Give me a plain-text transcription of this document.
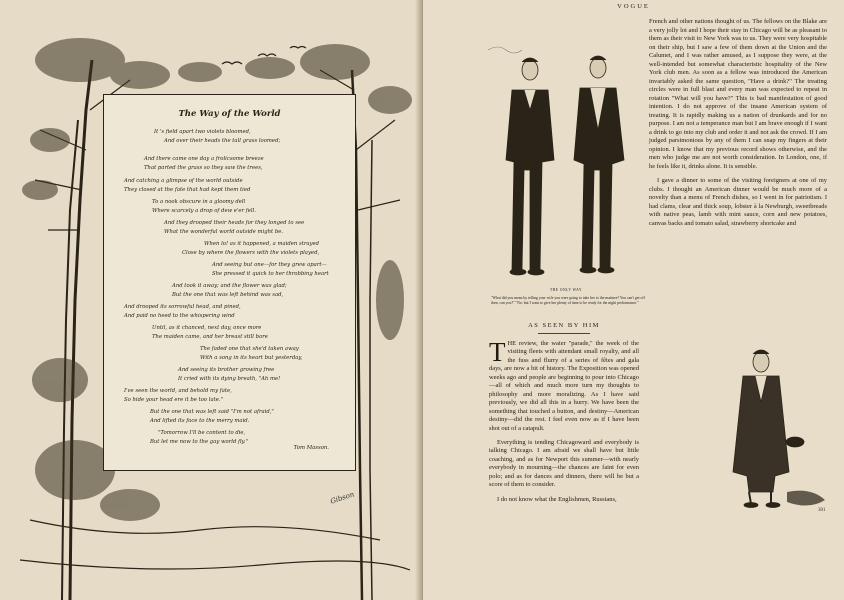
The Way of the World
It 's field apart two violets bloomed,
And over their heads the tall grass loomed;
And there came one day a frolicsome breeze
That parted the grass so they saw the trees,
And catching a glimpse of the world outside
They closed at the fate that had kept them tied
To a nook obscure in a gloomy dell
Where scarcely a drop of dew e'er fell.
And they drooped their heads for they longed to see
What the wonderful world outside might be.
When lo! as it happened, a maiden strayed
Close by where the flowers with the violets played,
And seeing but one—for they grew apart—
She pressed it quick to her throbbing heart
And took it away; and the flower was glad;
But the one that was left behind was sad,
And drooped its sorrowful head, and pined,
And paid no heed to the whispering wind
Until, as it chanced, next day, once more
The maiden came, and her breast still bore
The faded one that she'd taken away
With a song in its heart but yesterday,
And seeing its brother growing free
It cried with its dying breath, "Ah me!
I've seen the world, and behold my fate,
So hide your head ere it be too late."
But the one that was left said "I'm not afraid,"
And lifted its face to the merry maid.
"Tomorrow I'll be content to die,
But let me now to the gay world fly."
Tom Masson.
Gibson
VOGUE
THE ONLY WAY
"What did you mean by telling your wife you were going to take her to the matinee? You can't get off then, can you?" "No; but I want to give her plenty of time to be ready for the night performance."

French and other nations thought of us. The fellows on the Blake are a very jolly lot and I hope their stay in Chicago will be as pleasant to them as their visit to New York was to us. They were very hospitable on their ship, but I saw a few of them down at the Union and the Calumet, and I was rather amused, as I suppose they were, at the well-intended but somewhat characteristic hospitality of the New York club men. As soon as a fellow was introduced the American invariably asked the same question, "Have a drink?" The treating circles were in full blast and every man was expected to repeat in rotation "What will you have?" This is bad manifestation of good intention. I do not approve of the insane American system of treating. It is rapidly making us a nation of drunkards and for no purpose. I am not a temperance man but I am brave enough if I want a drink to go into my club and order it and not ask the crowd. If I am judged parsimonious by any of them I can snap my fingers at their opinion. I know that my previous record shows otherwise, and the men who judge me are not worth consideration. In London, one, if he feels like it, drinks alone. It is sensible.

I gave a dinner to some of the visiting foreigners at one of my clubs. I thought an American dinner would be much more of a novelty than a menu of French dishes, so I went in for patriotism. I had clams, clear and thick soup, lobster à la Newburgh, sweetbreads with native peas, lamb with mint sauce, corn and new potatoes, canvas backs and tomato salad, strawberry shortcake and

AS SEEN BY HIM

THE review, the water "parade," the week of the visiting fleets with attendant small royalty, and all the fuss and flurry of a series of fêtes and gala days, are now a bit of history. The Exposition was opened weeks ago and people are beginning to pour into Chicago—all of which and much more turn my thoughts to philosophy and more moralizing. As I have said previously, we did all this in a hurry. We have been the something that touched a button, and destiny—American destiny—did the rest. I feel even now as if I have been shot out of a catapult.

Everything is tending Chicagoward and everybody is talking Chicago. I am afraid we shall have but little coaching, and as for Newport this summer—with nearly everybody in mourning—the chances are faint for even polo; and as for dances and dinners, there will be but a score of them to consider.

I do not know what the Englishmen, Russians,

301
